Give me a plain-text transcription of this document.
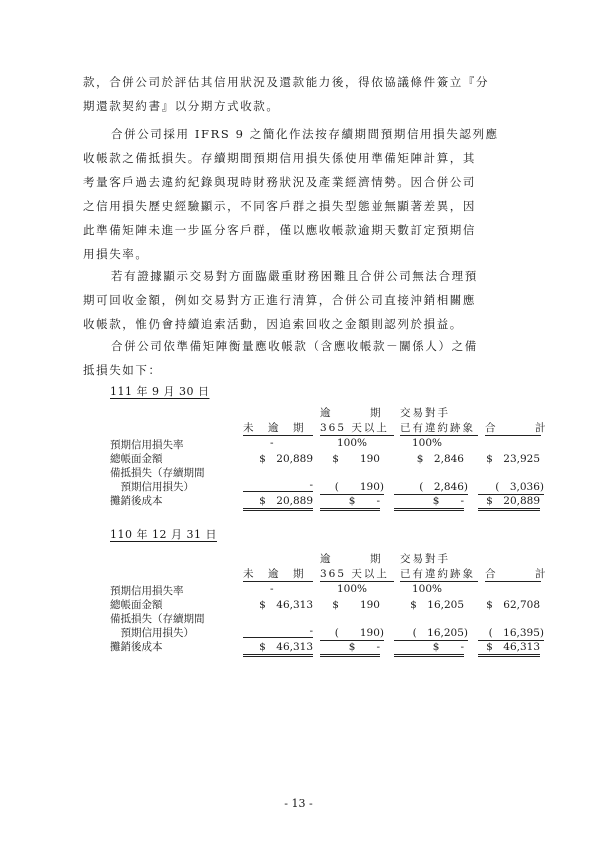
款，合併公司於評估其信用狀況及還款能力後，得依協議條件簽立『分
期還款契約書』以分期方式收款。
合併公司採用 IFRS 9 之簡化作法按存續期間預期信用損失認列應
收帳款之備抵損失。存續期間預期信用損失係使用準備矩陣計算，其
考量客戶過去違約紀錄與現時財務狀況及產業經濟情勢。因合併公司
之信用損失歷史經驗顯示，不同客戶群之損失型態並無顯著差異，因
此準備矩陣未進一步區分客戶群，僅以應收帳款逾期天數訂定預期信
用損失率。
若有證據顯示交易對方面臨嚴重財務困難且合併公司無法合理預
期可回收金額，例如交易對方正進行清算，合併公司直接沖銷相關應
收帳款，惟仍會持續追索活動，因追索回收之金額則認列於損益。
合併公司依準備矩陣衡量應收帳款（含應收帳款－關係人）之備
抵損失如下：
111 年 9 月 30 日
逾　　　期 交易對手
未　逾　期	365 天以上	已有違約跡象 合　　　計
預期信用損失率	-	100%	100%
總帳面金額	$　20,889	$　　190	$　2,846	$　23,925
備抵損失（存續期間
　預期信用損失）	-	(　　190)	(　2,846)	(　3,036)
攤銷後成本	$　20,889	$　　-	$　　-	$　20,889
110 年 12 月 31 日
逾　　　期 交易對手
未　逾　期	365 天以上	已有違約跡象 合　　　計
預期信用損失率	-	100%	100%
總帳面金額	$　46,313	$　　190	$　16,205	$　62,708
備抵損失（存續期間
　預期信用損失）	-	(　　190)	(　16,205)	(　16,395)
攤銷後成本	$　46,313	$　　-	$　　-	$　46,313
- 13 -
